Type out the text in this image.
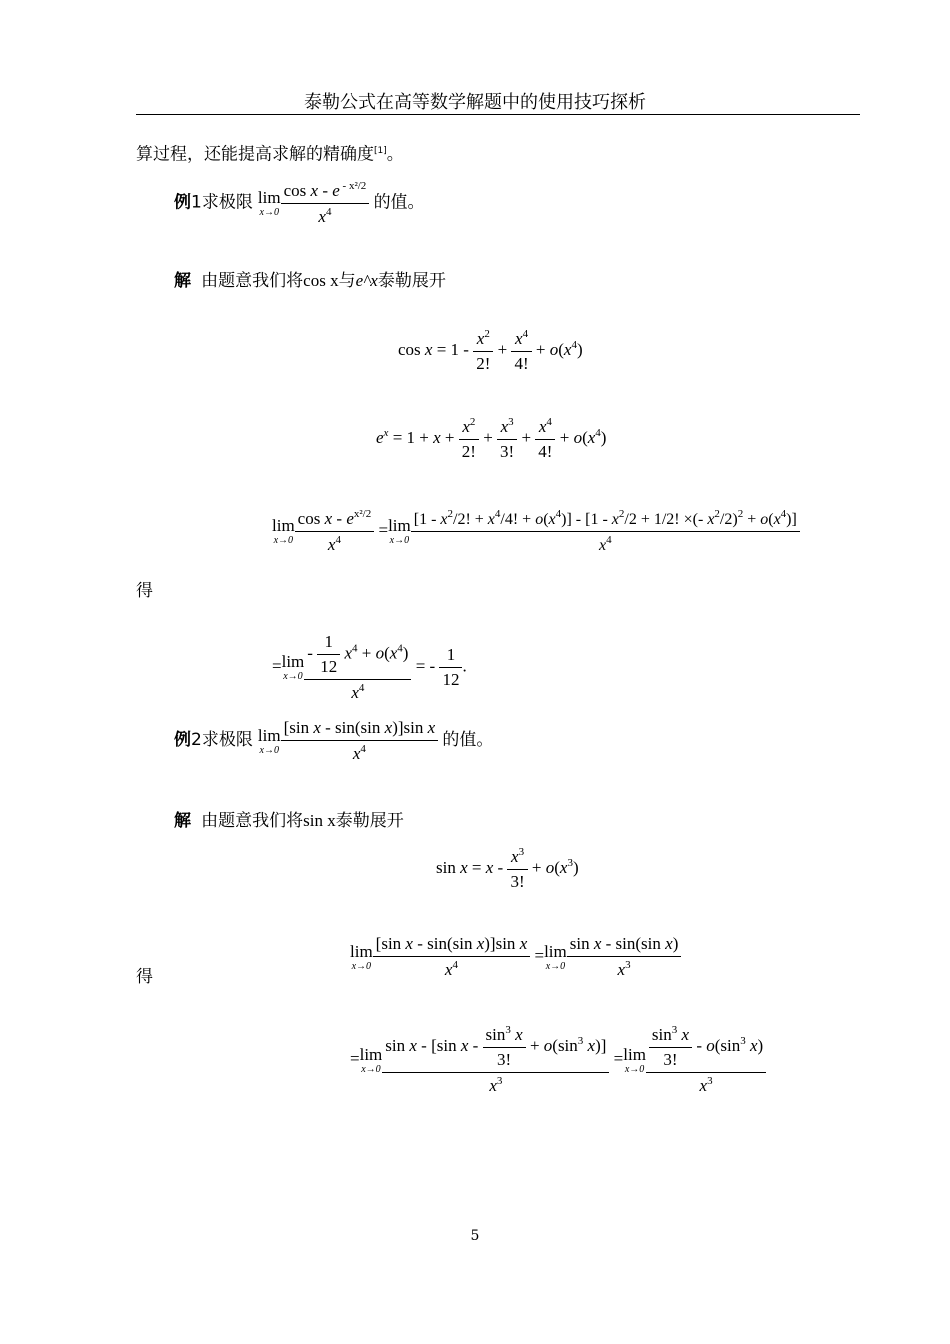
泰勒公式在高等数学解题中的使用技巧探析
算过程，还能提高求解的精确度[1]。
例1求极限 lim
$x\to 0 \frac{\cos x - e ^{- x^2/2}}{x^4}$ 的值。
解 由题意我们将cos x与e^x泰勒展开
$\cos x = 1 - \frac{x^2}{2!} + \frac{x^4}{4!} + o(x^4)$
$e^x = 1 + x + \frac{x^2}{2!} + \frac{x^3}{3!} + \frac{x^4}{4!} + o(x^4)$
lim
$x\to 0 \frac{\cos x - e^{x^2/2}}{x^4} = \lim$
x→0
[$1 - x^2/2$! + $x^4/4$! + $o(x^4)] - [1 - x^2/2 + 1/2$! ×(- $x^2/2)^2 + o(x^4)$]
$x^4$
得
= lim
$x\to 0 \frac{- \frac{1}{12} x^4 + o(x^4)}{x^4}$ = - $\frac{1}{12}$ .
例2求极限 lim
$x\to 0 \frac{\text{[sin x - sin(sin x)]sin x}}{x^4}$ 的值。
解 由题意我们将sin x泰勒展开
$\sin x = x - \frac{x^3}{3!} + o(x^3)$
lim
$x\to 0 \frac{\text{[sin x - sin(sin x)]sin x}}{x^4} = \lim$
$x\to 0 \frac{\text{sin x - sin(sin x)}}{x^3}$
得
= lim
$x\to 0 \frac{\sin x - [\sin x - \frac{\sin^3 x}{3!} + o(\sin^3 x)]}{x^3} = \lim$
$x\to 0 \frac{\frac{\sin^3 x}{3!} - o(\sin^3 x)}{x^3}$
5
